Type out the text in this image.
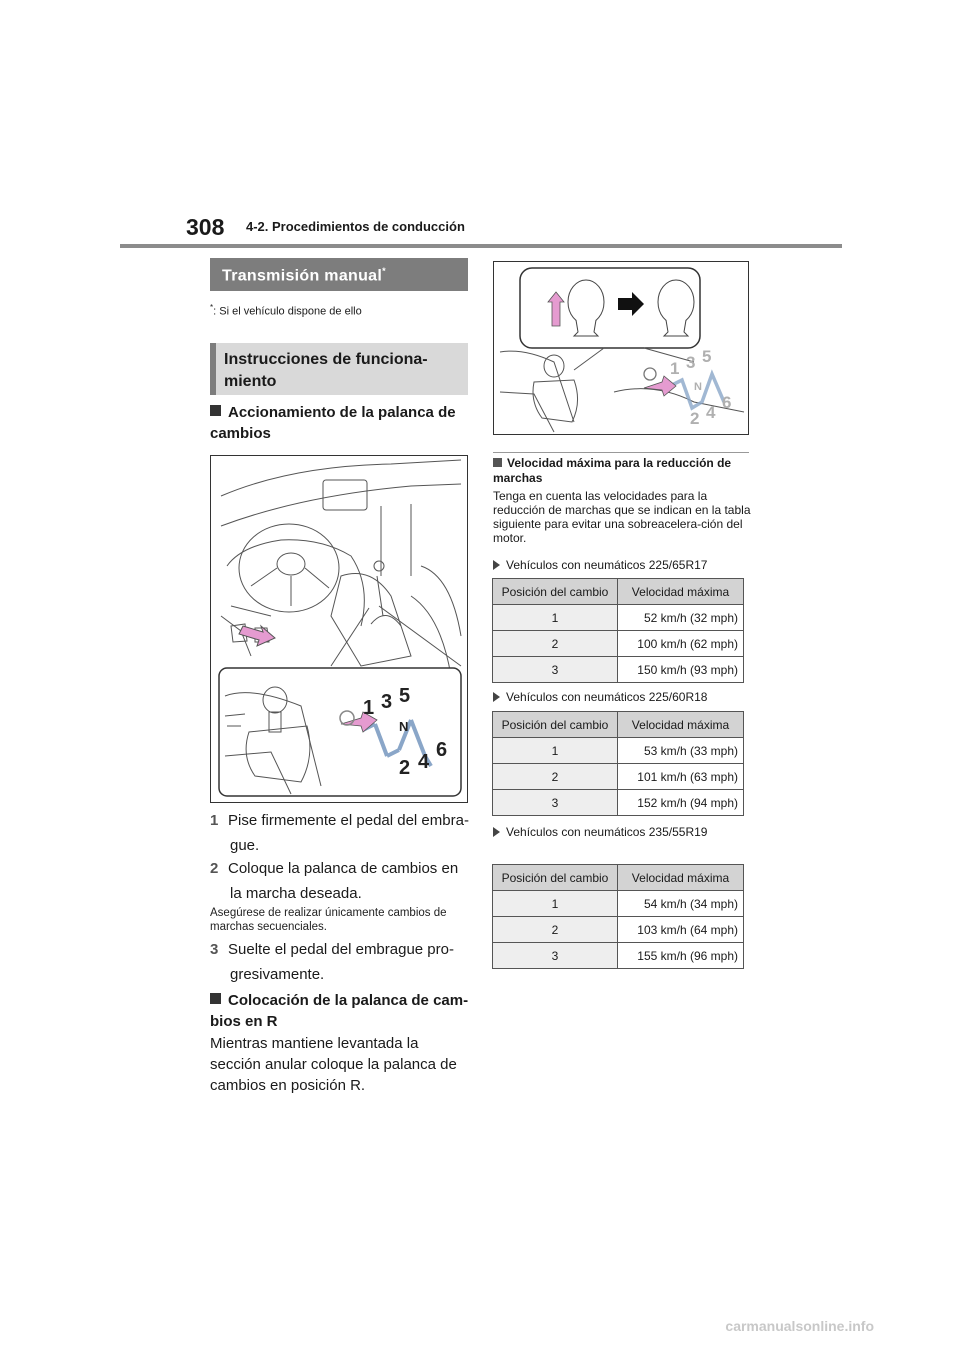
308 4-2. Procedimientos de conducción
Transmisión manual*
*: Si el vehículo dispone de ello
Instrucciones de funciona-miento
Accionamiento de la palanca de cambios
1 3 5
N
2 4
6
1 Pise firmemente el pedal del embra-
gue.
2 Coloque la palanca de cambios en
la marcha deseada.
Asegúrese de realizar únicamente cambios de marchas secuenciales.
3 Suelte el pedal del embrague pro-
gresivamente.
Colocación de la palanca de cam-bios en R
Mientras mantiene levantada la sección anular coloque la palanca de cambios en posición R.
1 3 5
N
2 4
6
Velocidad máxima para la reducción de marchas
Tenga en cuenta las velocidades para la reducción de marchas que se indican en la tabla siguiente para evitar una sobreacelera-ción del motor.
Vehículos con neumáticos 225/65R17
Posición del cambio	Velocidad máxima
1	52 km/h (32 mph)
2	100 km/h (62 mph)
3	150 km/h (93 mph)
Vehículos con neumáticos 225/60R18
Posición del cambio	Velocidad máxima
1	53 km/h (33 mph)
2	101 km/h (63 mph)
3	152 km/h (94 mph)
Vehículos con neumáticos 235/55R19
Posición del cambio	Velocidad máxima
1	54 km/h (34 mph)
2	103 km/h (64 mph)
3	155 km/h (96 mph)
carmanualsonline.info
